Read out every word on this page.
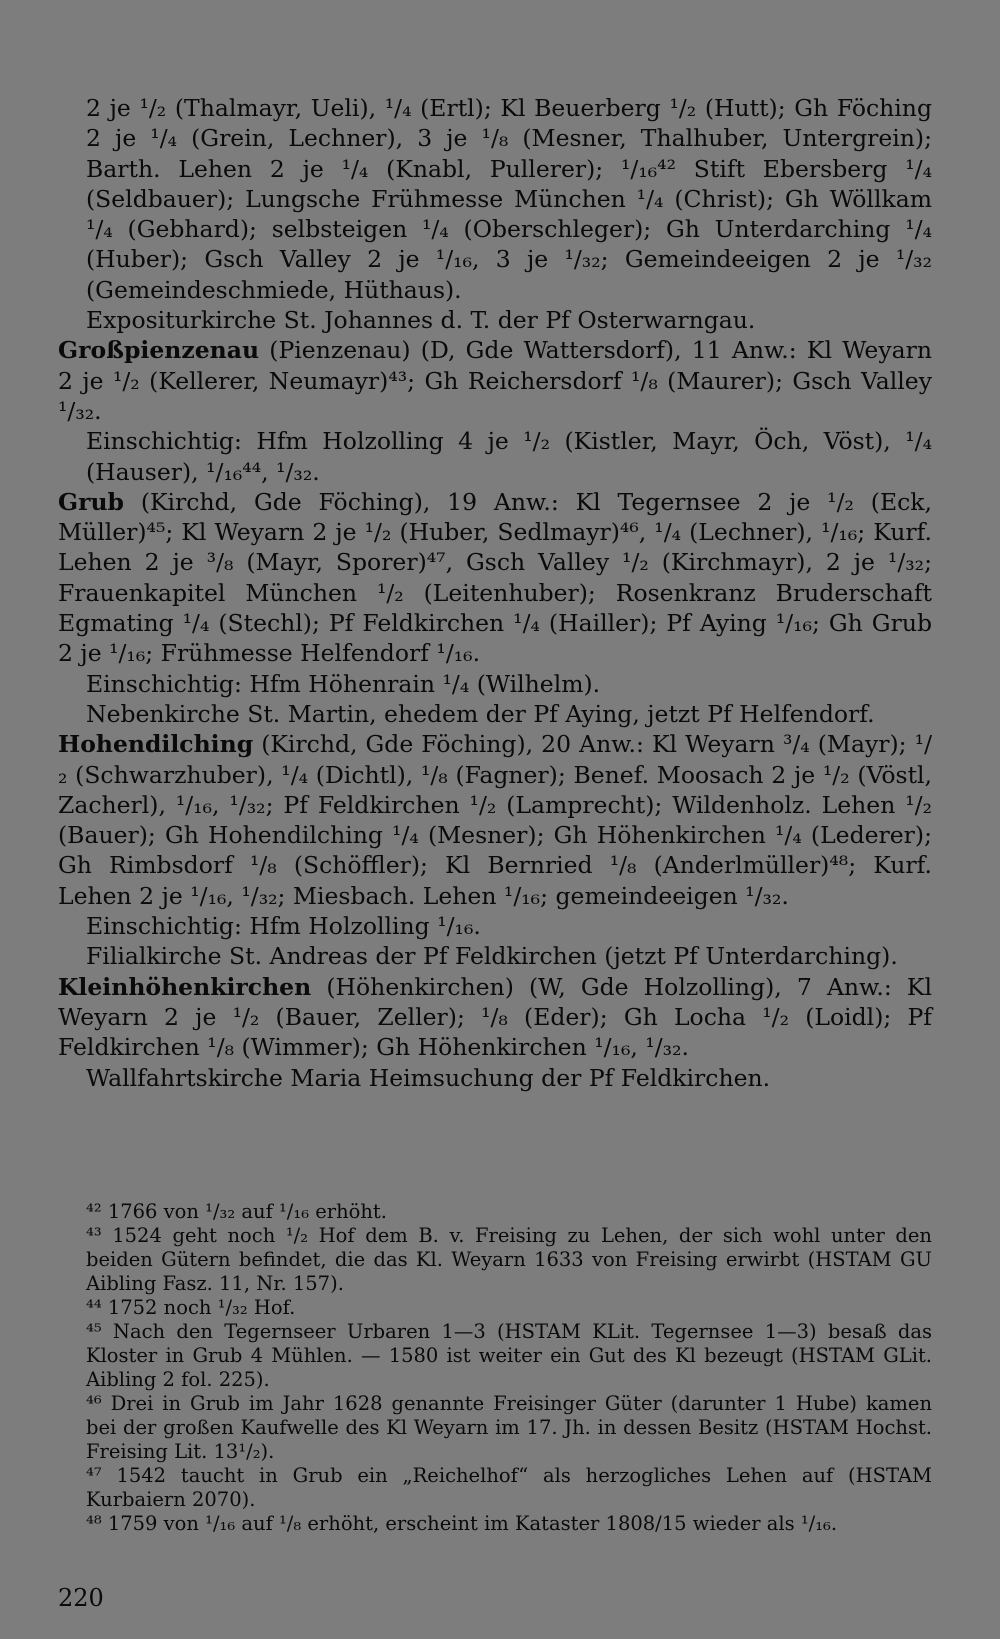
2 je ¹/₂ (Thalmayr, Ueli), ¹/₄ (Ertl); Kl Beuerberg ¹/₂ (Hutt); Gh Föching 2 je ¹/₄ (Grein, Lechner), 3 je ¹/₈ (Mesner, Thalhuber, Untergrein); Barth. Lehen 2 je ¹/₄ (Knabl, Pullerer); ¹/₁₆⁴² Stift Ebersberg ¹/₄ (Seldbauer); Lungsche Frühmesse München ¹/₄ (Christ); Gh Wöllkam ¹/₄ (Gebhard); selbsteigen ¹/₄ (Oberschleger); Gh Unterdarching ¹/₄ (Huber); Gsch Valley 2 je ¹/₁₆, 3 je ¹/₃₂; Gemeindeeigen 2 je ¹/₃₂ (Gemeindeschmiede, Hüthaus).

Expositurkirche St. Johannes d. T. der Pf Osterwarngau.

Großpienzenau (Pienzenau) (D, Gde Wattersdorf), 11 Anw.: Kl Weyarn 2 je ¹/₂ (Kellerer, Neumayr)⁴³; Gh Reichersdorf ¹/₈ (Maurer); Gsch Valley ¹/₃₂.

Einschichtig: Hfm Holzolling 4 je ¹/₂ (Kistler, Mayr, Öch, Vöst), ¹/₄ (Hauser), ¹/₁₆⁴⁴, ¹/₃₂.

Grub (Kirchd, Gde Föching), 19 Anw.: Kl Tegernsee 2 je ¹/₂ (Eck, Müller)⁴⁵; Kl Weyarn 2 je ¹/₂ (Huber, Sedlmayr)⁴⁶, ¹/₄ (Lechner), ¹/₁₆; Kurf. Lehen 2 je ³/₈ (Mayr, Sporer)⁴⁷, Gsch Valley ¹/₂ (Kirchmayr), 2 je ¹/₃₂; Frauenkapitel München ¹/₂ (Leitenhuber); Rosenkranz Bruderschaft Egmating ¹/₄ (Stechl); Pf Feldkirchen ¹/₄ (Hailler); Pf Aying ¹/₁₆; Gh Grub 2 je ¹/₁₆; Frühmesse Helfendorf ¹/₁₆.

Einschichtig: Hfm Höhenrain ¹/₄ (Wilhelm).

Nebenkirche St. Martin, ehedem der Pf Aying, jetzt Pf Helfendorf.

Hohendilching (Kirchd, Gde Föching), 20 Anw.: Kl Weyarn ³/₄ (Mayr); ¹/₂ (Schwarzhuber), ¹/₄ (Dichtl), ¹/₈ (Fagner); Benef. Moosach 2 je ¹/₂ (Vöstl, Zacherl), ¹/₁₆, ¹/₃₂; Pf Feldkirchen ¹/₂ (Lamprecht); Wildenholz. Lehen ¹/₂ (Bauer); Gh Hohendilching ¹/₄ (Mesner); Gh Höhenkirchen ¹/₄ (Lederer); Gh Rimbsdorf ¹/₈ (Schöffler); Kl Bernried ¹/₈ (Anderlmüller)⁴⁸; Kurf. Lehen 2 je ¹/₁₆, ¹/₃₂; Miesbach. Lehen ¹/₁₆; gemeindeeigen ¹/₃₂.

Einschichtig: Hfm Holzolling ¹/₁₆.

Filialkirche St. Andreas der Pf Feldkirchen (jetzt Pf Unterdarching).

Kleinhöhenkirchen (Höhenkirchen) (W, Gde Holzolling), 7 Anw.: Kl Weyarn 2 je ¹/₂ (Bauer, Zeller); ¹/₈ (Eder); Gh Locha ¹/₂ (Loidl); Pf Feldkirchen ¹/₈ (Wimmer); Gh Höhenkirchen ¹/₁₆, ¹/₃₂.

Wallfahrtskirche Maria Heimsuchung der Pf Feldkirchen.

⁴² 1766 von ¹/₃₂ auf ¹/₁₆ erhöht.

⁴³ 1524 geht noch ¹/₂ Hof dem B. v. Freising zu Lehen, der sich wohl unter den beiden Gütern befindet, die das Kl. Weyarn 1633 von Freising erwirbt (HSTAM GU Aibling Fasz. 11, Nr. 157).

⁴⁴ 1752 noch ¹/₃₂ Hof.

⁴⁵ Nach den Tegernseer Urbaren 1—3 (HSTAM KLit. Tegernsee 1—3) besaß das Kloster in Grub 4 Mühlen. — 1580 ist weiter ein Gut des Kl bezeugt (HSTAM GLit. Aibling 2 fol. 225).

⁴⁶ Drei in Grub im Jahr 1628 genannte Freisinger Güter (darunter 1 Hube) kamen bei der großen Kaufwelle des Kl Weyarn im 17. Jh. in dessen Besitz (HSTAM Hochst. Freising Lit. 13¹/₂).

⁴⁷ 1542 taucht in Grub ein „Reichelhof“ als herzogliches Lehen auf (HSTAM Kurbaiern 2070).

⁴⁸ 1759 von ¹/₁₆ auf ¹/₈ erhöht, erscheint im Kataster 1808/15 wieder als ¹/₁₆.

220
